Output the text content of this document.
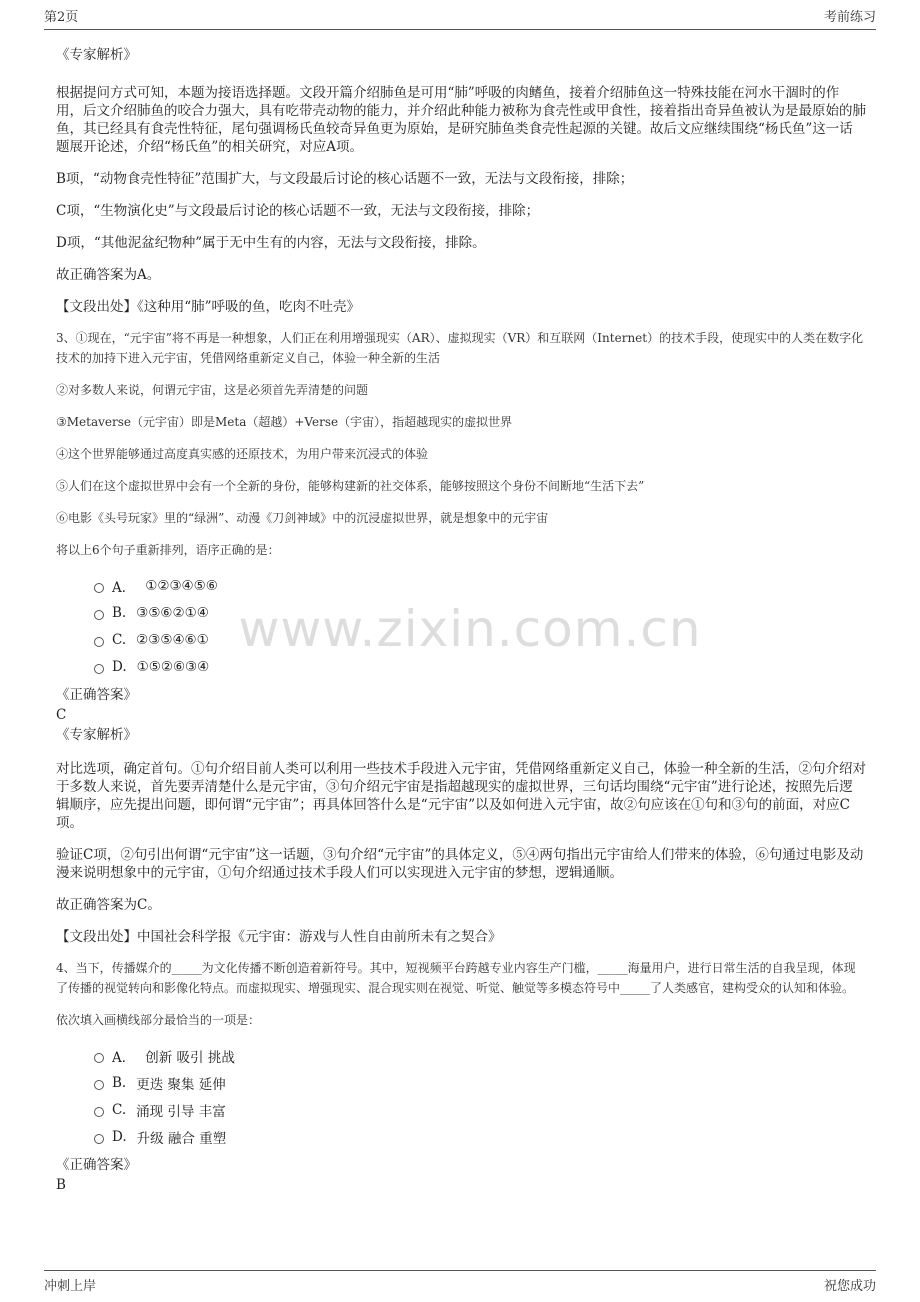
第2页	考前练习
www.zixin.com.cn

《专家解析》

根据提问方式可知，本题为接语选择题。文段开篇介绍肺鱼是可用“肺”呼吸的肉鳍鱼，接着介绍肺鱼这一特殊技能在河水干涸时的作用，后文介绍肺鱼的咬合力强大，具有吃带壳动物的能力，并介绍此种能力被称为食壳性或甲食性，接着指出奇异鱼被认为是最原始的肺鱼，其已经具有食壳性特征，尾句强调杨氏鱼较奇异鱼更为原始，是研究肺鱼类食壳性起源的关键。故后文应继续围绕“杨氏鱼”这一话题展开论述，介绍“杨氏鱼”的相关研究，对应A项。

B项，“动物食壳性特征”范围扩大，与文段最后讨论的核心话题不一致，无法与文段衔接，排除；

C项，“生物演化史”与文段最后讨论的核心话题不一致，无法与文段衔接，排除；

D项，“其他泥盆纪物种”属于无中生有的内容，无法与文段衔接，排除。

故正确答案为A。

【文段出处】《这种用“肺”呼吸的鱼，吃肉不吐壳》

3、①现在，“元宇宙”将不再是一种想象，人们正在利用增强现实（AR）、虚拟现实（VR）和互联网（Internet）的技术手段，使现实中的人类在数字化技术的加持下进入元宇宙，凭借网络重新定义自己，体验一种全新的生活

②对多数人来说，何谓元宇宙，这是必须首先弄清楚的问题

③Metaverse（元宇宙）即是Meta（超越）+Verse（宇宙），指超越现实的虚拟世界

④这个世界能够通过高度真实感的还原技术，为用户带来沉浸式的体验

⑤人们在这个虚拟世界中会有一个全新的身份，能够构建新的社交体系，能够按照这个身份不间断地“生活下去”

⑥电影《头号玩家》里的“绿洲”、动漫《刀剑神域》中的沉浸虚拟世界，就是想象中的元宇宙

将以上6个句子重新排列，语序正确的是：

A． ①②③④⑤⑥
B. ③⑤⑥②①④
C. ②③⑤④⑥①
D. ①⑤②⑥③④

《正确答案》

C

《专家解析》

对比选项，确定首句。①句介绍目前人类可以利用一些技术手段进入元宇宙，凭借网络重新定义自己，体验一种全新的生活，②句介绍对于多数人来说，首先要弄清楚什么是元宇宙，③句介绍元宇宙是指超越现实的虚拟世界，三句话均围绕“元宇宙”进行论述，按照先后逻辑顺序，应先提出问题，即何谓“元宇宙”；再具体回答什么是“元宇宙”以及如何进入元宇宙，故②句应该在①句和③句的前面，对应C项。

验证C项，②句引出何谓“元宇宙”这一话题，③句介绍“元宇宙”的具体定义，⑤④两句指出元宇宙给人们带来的体验，⑥句通过电影及动漫来说明想象中的元宇宙，①句介绍通过技术手段人们可以实现进入元宇宙的梦想，逻辑通顺。

故正确答案为C。

【文段出处】中国社会科学报《元宇宙：游戏与人性自由前所未有之契合》

4、当下，传播媒介的_____为文化传播不断创造着新符号。其中，短视频平台跨越专业内容生产门槛，_____海量用户，进行日常生活的自我呈现，体现了传播的视觉转向和影像化特点。而虚拟现实、增强现实、混合现实则在视觉、听觉、触觉等多模态符号中_____了人类感官，建构受众的认知和体验。

依次填入画横线部分最恰当的一项是：

A． 创新 吸引 挑战
B. 更迭 聚集 延伸
C. 涌现 引导 丰富
D. 升级 融合 重塑

《正确答案》

B

冲刺上岸	祝您成功
